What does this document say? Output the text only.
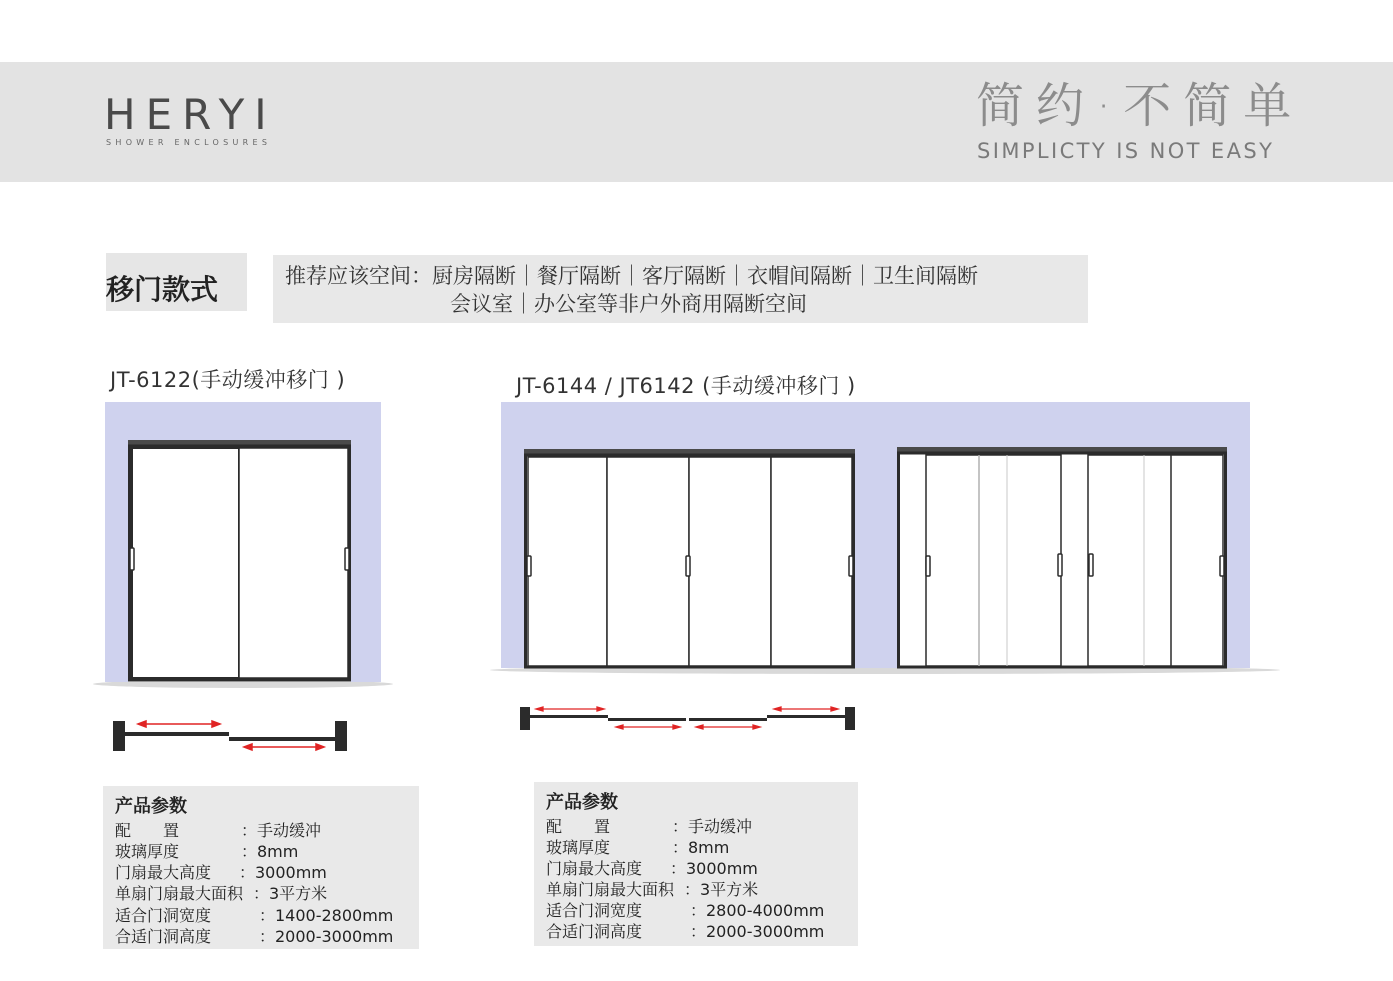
HERYI
SHOWER ENCLOSURES
简约·不简单
SIMPLICTY IS NOT EASY
移门款式	推荐应该空间：厨房隔断｜餐厅隔断｜客厅隔断｜衣帽间隔断｜卫生间隔断
会议室｜办公室等非户外商用隔断空间
JT-6122(手动缓冲移门 )
产品参数
配　　置	：手动缓冲
玻璃厚度	：8mm
门扇最大高度 ：3000mm
单扇门扇最大面积 ：3平方米
适合门洞宽度	：1400-2800mm
合适门洞高度	：2000-3000mm
JT-6144 / JT6142 (手动缓冲移门 )
产品参数
配　　置	：手动缓冲
玻璃厚度	：8mm
门扇最大高度 ：3000mm
单扇门扇最大面积 ：3平方米
适合门洞宽度	：2800-4000mm
合适门洞高度	：2000-3000mm
